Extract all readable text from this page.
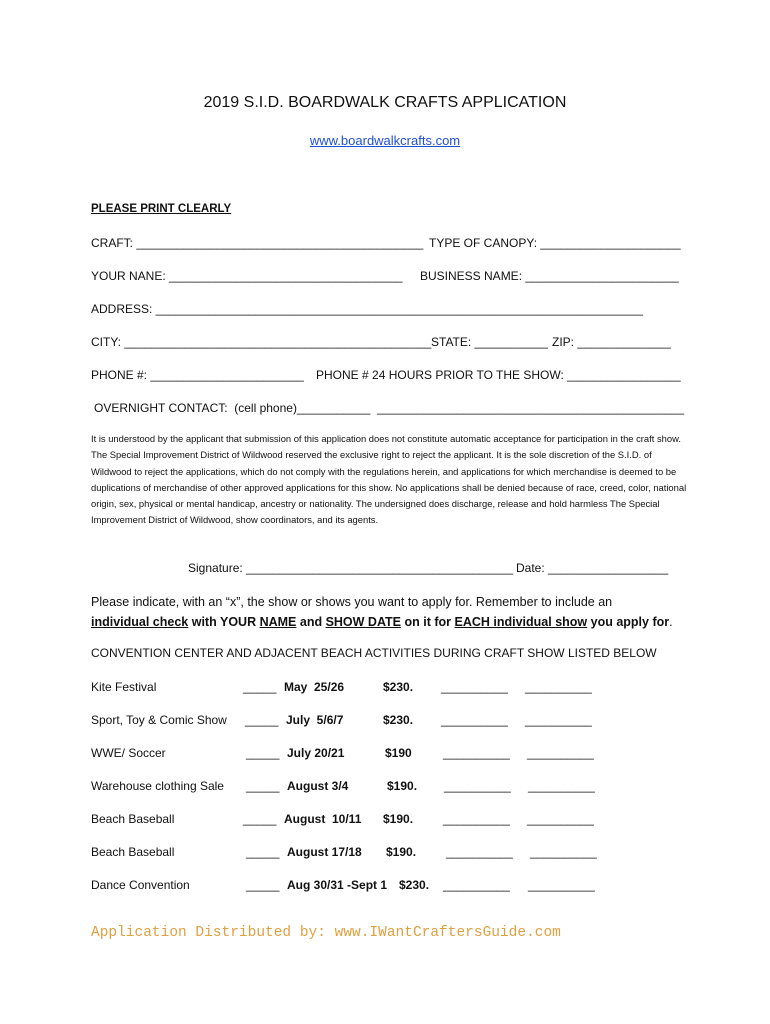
2019 S.I.D. BOARDWALK CRAFTS APPLICATION
www.boardwalkcrafts.com
PLEASE PRINT CLEARLY
CRAFT: ___________________________________________ TYPE OF CANOPY: _____________________
YOUR NANE: ___________________________________ BUSINESS NAME: _______________________
ADDRESS: _________________________________________________________________________
CITY: ______________________________________________ STATE: ___________ ZIP: ______________
PHONE #: _______________________ PHONE # 24 HOURS PRIOR TO THE SHOW: _________________
OVERNIGHT CONTACT:  (cell phone)___________  ______________________________________________
It is understood by the applicant that submission of this application does not constitute automatic acceptance for participation in the craft show. The Special Improvement District of Wildwood reserved the exclusive right to reject the applicant. It is the sole discretion of the S.I.D. of Wildwood to reject the applications, which do not comply with the regulations herein, and applications for which merchandise is deemed to be duplications of merchandise of other approved applications for this show. No applications shall be denied because of race, creed, color, national origin, sex, physical or mental handicap, ancestry or nationality. The undersigned does discharge, release and hold harmless The Special Improvement District of Wildwood, show coordinators, and its agents.
Signature: ________________________________________ Date: __________________
Please indicate, with an “x”, the show or shows you want to apply for. Remember to include an
individual check with YOUR NAME and SHOW DATE on it for EACH individual show you apply for.
CONVENTION CENTER AND ADJACENT BEACH ACTIVITIES DURING CRAFT SHOW LISTED BELOW
Kite Festival	_____ May  25/26	$230. __________ __________
Sport, Toy & Comic Show _____ July  5/6/7	$230. __________ __________
WWE/ Soccer	_____ July 20/21	$190	__________ __________
Warehouse clothing Sale _____ August 3/4	$190. __________ __________
Beach Baseball	_____ August  10/11 $190. __________ __________
Beach Baseball	_____ August 17/18 $190. __________ __________
Dance Convention	_____ Aug 30/31 -Sept 1 $230. __________ __________
Application Distributed by: www.IWantCraftersGuide.com
